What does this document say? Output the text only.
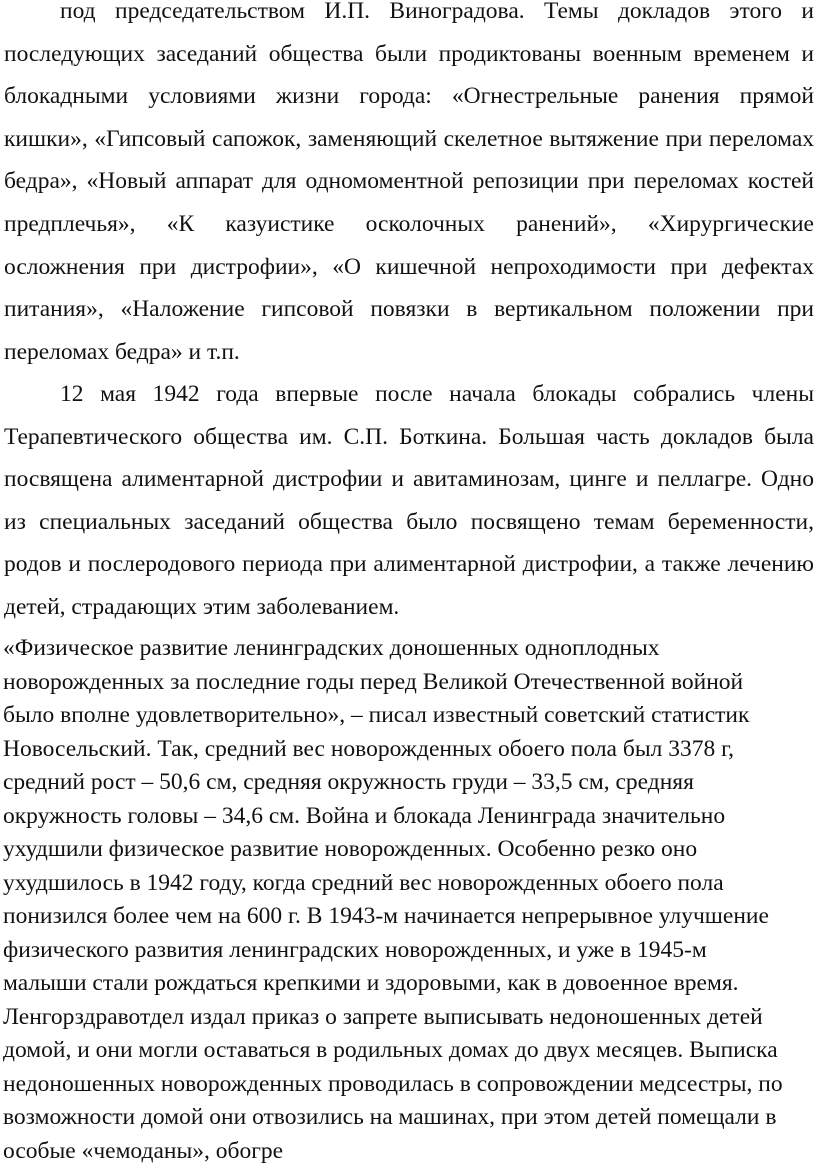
под председательством И.П. Виноградова. Темы докладов этого и последующих заседаний общества были продиктованы военным временем и блокадными условиями жизни города: «Огнестрельные ранения прямой кишки», «Гипсовый сапожок, заменяющий скелетное вытяжение при переломах бедра», «Новый аппарат для одномоментной репозиции при переломах костей предплечья», «К казуистике осколочных ранений», «Хирургические осложнения при дистрофии», «О кишечной непроходимости при дефектах питания», «Наложение гипсовой повязки в вертикальном положении при переломах бедра» и т.п.

12 мая 1942 года впервые после начала блокады собрались члены Терапевтического общества им. С.П. Боткина. Большая часть докладов была посвящена алиментарной дистрофии и авитаминозам, цинге и пеллагре. Одно из специальных заседаний общества было посвящено темам беременности, родов и послеродового периода при алиментарной дистрофии, а также лечению детей, страдающих этим заболеванием.

«Физическое развитие ленинградских доношенных одноплодных
новорожденных за последние годы перед Великой Отечественной войной
было вполне удовлетворительно», – писал известный советский статистик
Новосельский. Так, средний вес новорожденных обоего пола был 3378 г,
средний рост – 50,6 см, средняя окружность груди – 33,5 см, средняя
окружность головы – 34,6 см. Война и блокада Ленинграда значительно
ухудшили физическое развитие новорожденных. Особенно резко оно
ухудшилось в 1942 году, когда средний вес новорожденных обоего пола
понизился более чем на 600 г. В 1943-м начинается непрерывное улучшение
физического развития ленинградских новорожденных, и уже в 1945-м
малыши стали рождаться крепкими и здоровыми, как в довоенное время.
Ленгорздравотдел издал приказ о запрете выписывать недоношенных детей
домой, и они могли оставаться в родильных домах до двух месяцев. Выписка
недоношенных новорожденных проводилась в сопровождении медсестры, по
возможности домой они отвозились на машинах, при этом детей помещали в
особые «чемоданы», обогре
